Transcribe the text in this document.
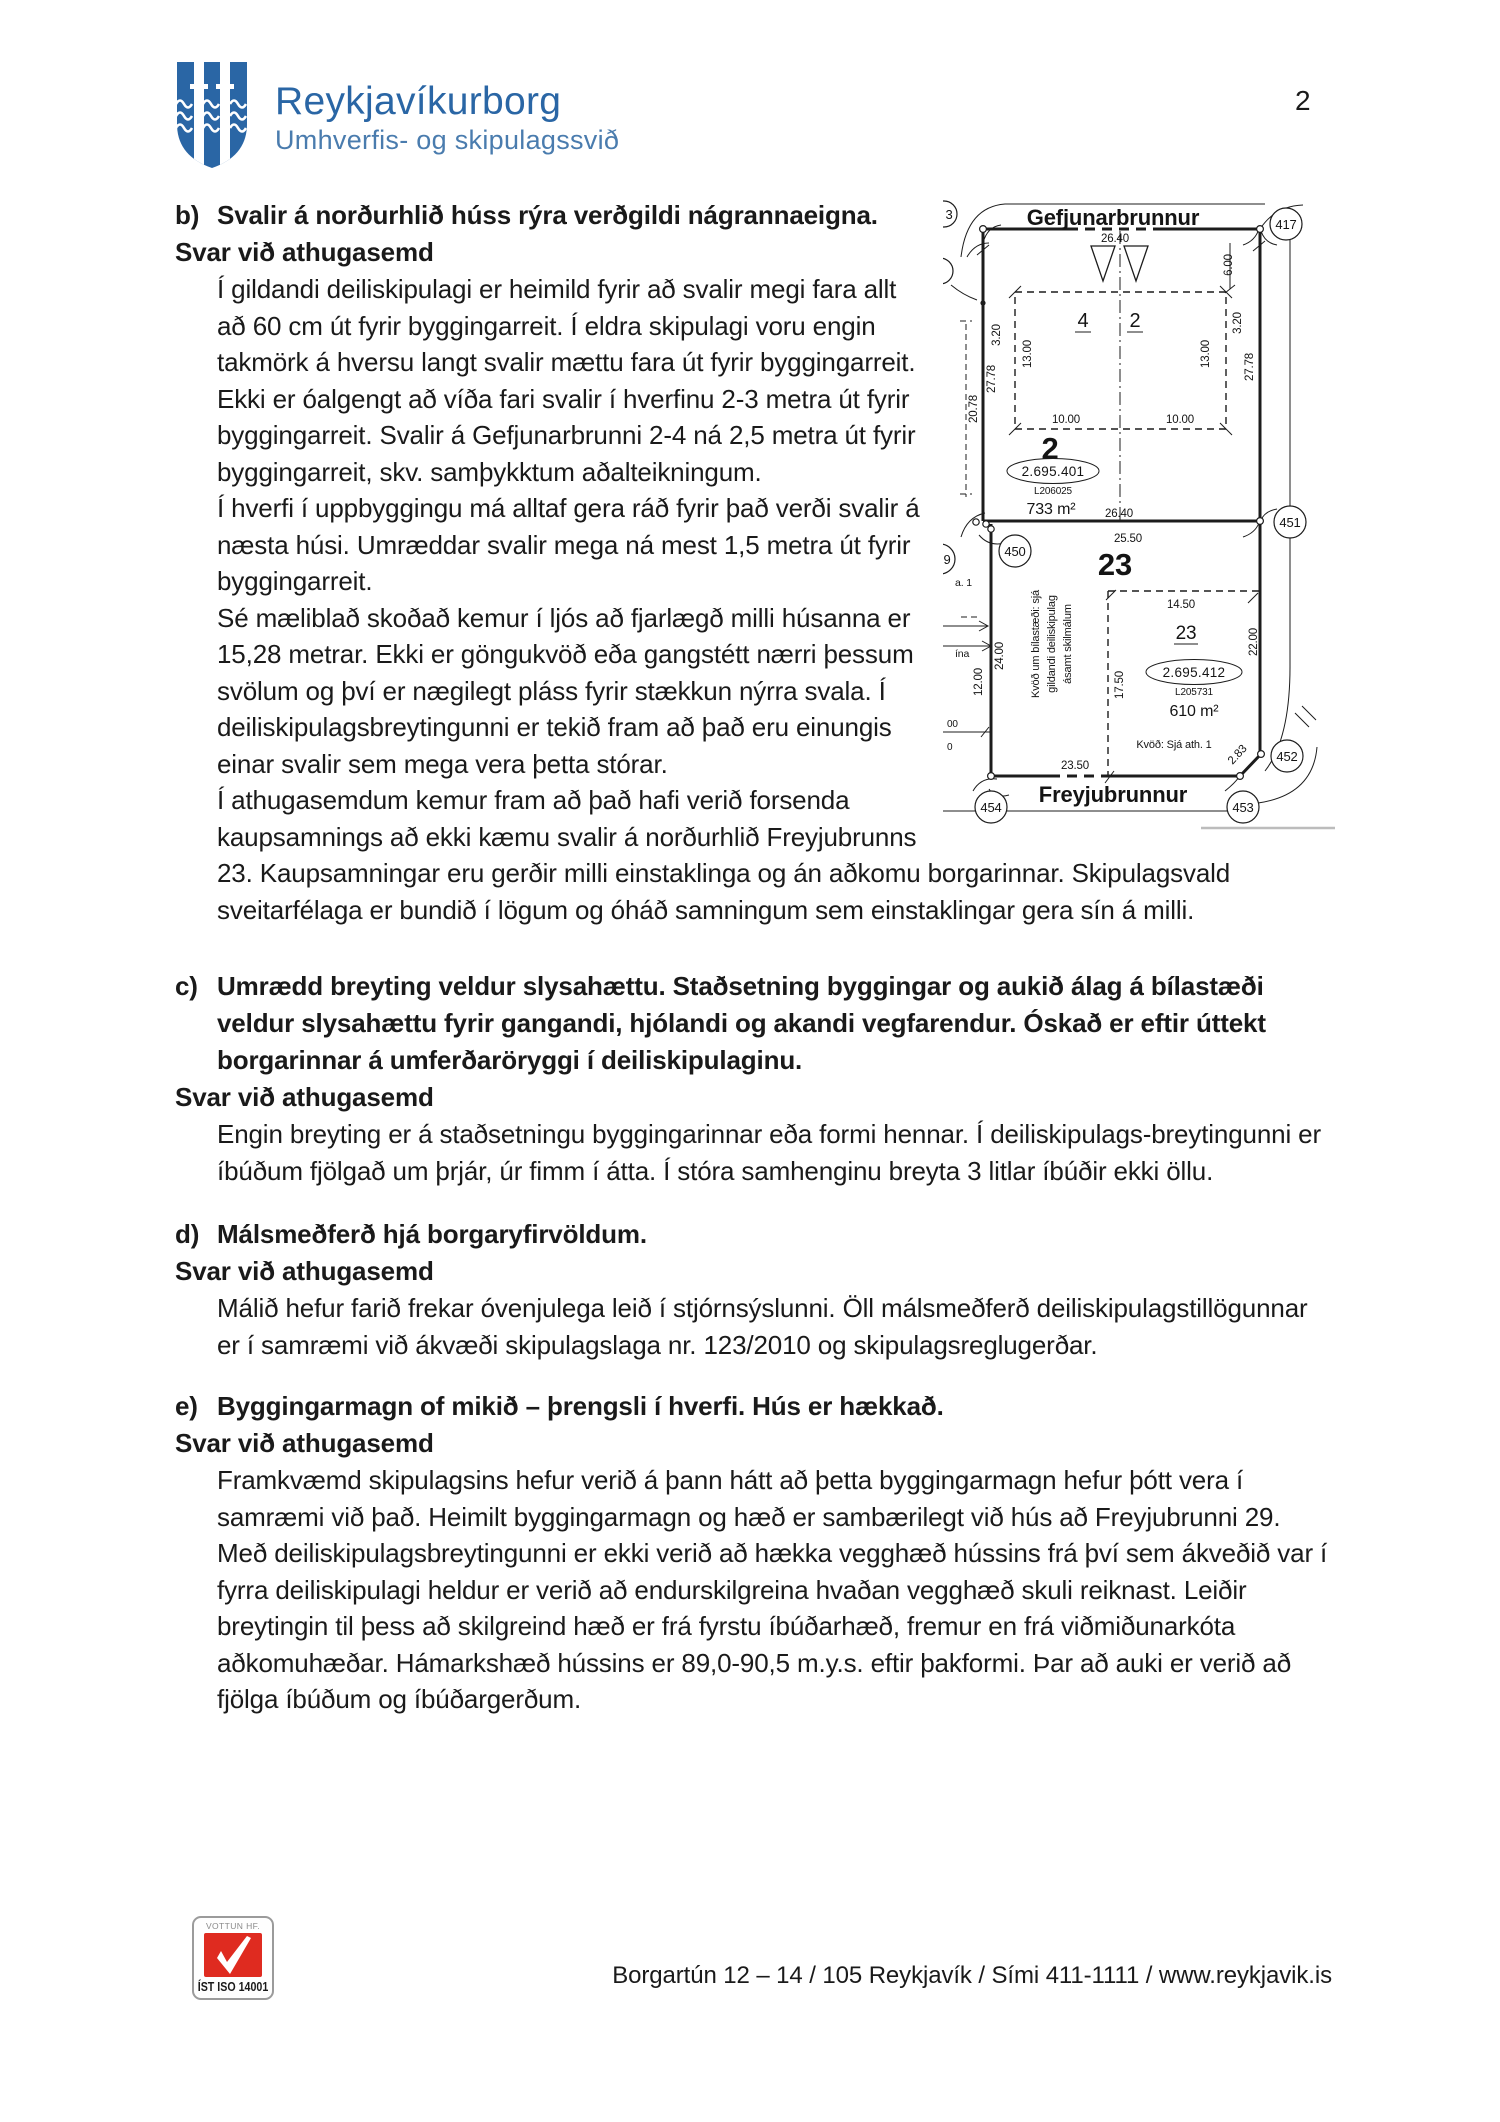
Reykjavíkurborg
Umhverfis- og skipulagssvið
2
Gefjunarbrunnur
Freyjubrunnur
26.40
6.00
3.20
3.20
13.00	13.00
27.78	27.78
20.78	10.00	10.00
26.40
4 2
2
2.695.401
L206025
733 m²
25.50
23
14.50
23	22.00
17.50	2.695.412
L205731
610 m²
Kvöð: Sjá ath. 1
23.50	2.83
24.00
12.00	Kvöð um bílastæði: sjá gildandi deiliskipulag ásamt skilmálum
3
9
a. 1
ína
00
0
417
451
450
452
453
454
b) Svalir á norðurhlið húss rýra verðgildi nágrannaeigna.
Svar við athugasemd

Í gildandi deiliskipulagi er heimild fyrir að svalir megi fara allt að 60 cm út fyrir byggingarreit. Í eldra skipulagi voru engin takmörk á hversu langt svalir mættu fara út fyrir byggingarreit. Ekki er óalgengt að víða fari svalir í hverfinu 2-3 metra út fyrir byggingarreit. Svalir á Gefjunarbrunni 2-4 ná 2,5 metra út fyrir byggingarreit, skv. samþykktum aðalteikningum.

Í hverfi í uppbyggingu má alltaf gera ráð fyrir það verði svalir á næsta húsi. Umræddar svalir mega ná mest 1,5 metra út fyrir byggingarreit.

Sé mæliblað skoðað kemur í ljós að fjarlægð milli húsanna er 15,28 metrar. Ekki er göngukvöð eða gangstétt nærri þessum svölum og því er nægilegt pláss fyrir stækkun nýrra svala. Í deiliskipulagsbreytingunni er tekið fram að það eru einungis einar svalir sem mega vera þetta stórar.

Í athugasemdum kemur fram að það hafi verið forsenda kaupsamnings að ekki kæmu svalir á norðurhlið Freyjubrunns 23. Kaupsamningar eru gerðir milli einstaklinga og án aðkomu borgarinnar. Skipulagsvald sveitarfélaga er bundið í lögum og óháð samningum sem einstaklingar gera sín á milli.

c) Umrædd breyting veldur slysahættu. Staðsetning byggingar og aukið álag á bílastæði veldur slysahættu fyrir gangandi, hjólandi og akandi vegfarendur. Óskað er eftir úttekt borgarinnar á umferðaröryggi í deiliskipulaginu.
Svar við athugasemd

Engin breyting er á staðsetningu byggingarinnar eða formi hennar. Í deiliskipulags-breytingunni er íbúðum fjölgað um þrjár, úr fimm í átta. Í stóra samhenginu breyta 3 litlar íbúðir ekki öllu.

d) Málsmeðferð hjá borgaryfirvöldum.
Svar við athugasemd

Málið hefur farið frekar óvenjulega leið í stjórnsýslunni. Öll málsmeðferð deiliskipulagstillögunnar er í samræmi við ákvæði skipulagslaga nr. 123/2010 og skipulagsreglugerðar.

e) Byggingarmagn of mikið – þrengsli í hverfi. Hús er hækkað.
Svar við athugasemd

Framkvæmd skipulagsins hefur verið á þann hátt að þetta byggingarmagn hefur þótt vera í samræmi við það. Heimilt byggingarmagn og hæð er sambærilegt við hús að Freyjubrunni 29.

Með deiliskipulagsbreytingunni er ekki verið að hækka vegghæð hússins frá því sem ákveðið var í fyrra deiliskipulagi heldur er verið að endurskilgreina hvaðan vegghæð skuli reiknast. Leiðir breytingin til þess að skilgreind hæð er frá fyrstu íbúðarhæð, fremur en frá viðmiðunarkóta aðkomuhæðar. Hámarkshæð hússins er 89,0-90,5 m.y.s. eftir þakformi. Þar að auki er verið að fjölga íbúðum og íbúðargerðum.

VOTTUN HF.
ÍST ISO 14001	Borgartún 12 – 14 / 105 Reykjavík / Sími 411-1111 / www.reykjavik.is
